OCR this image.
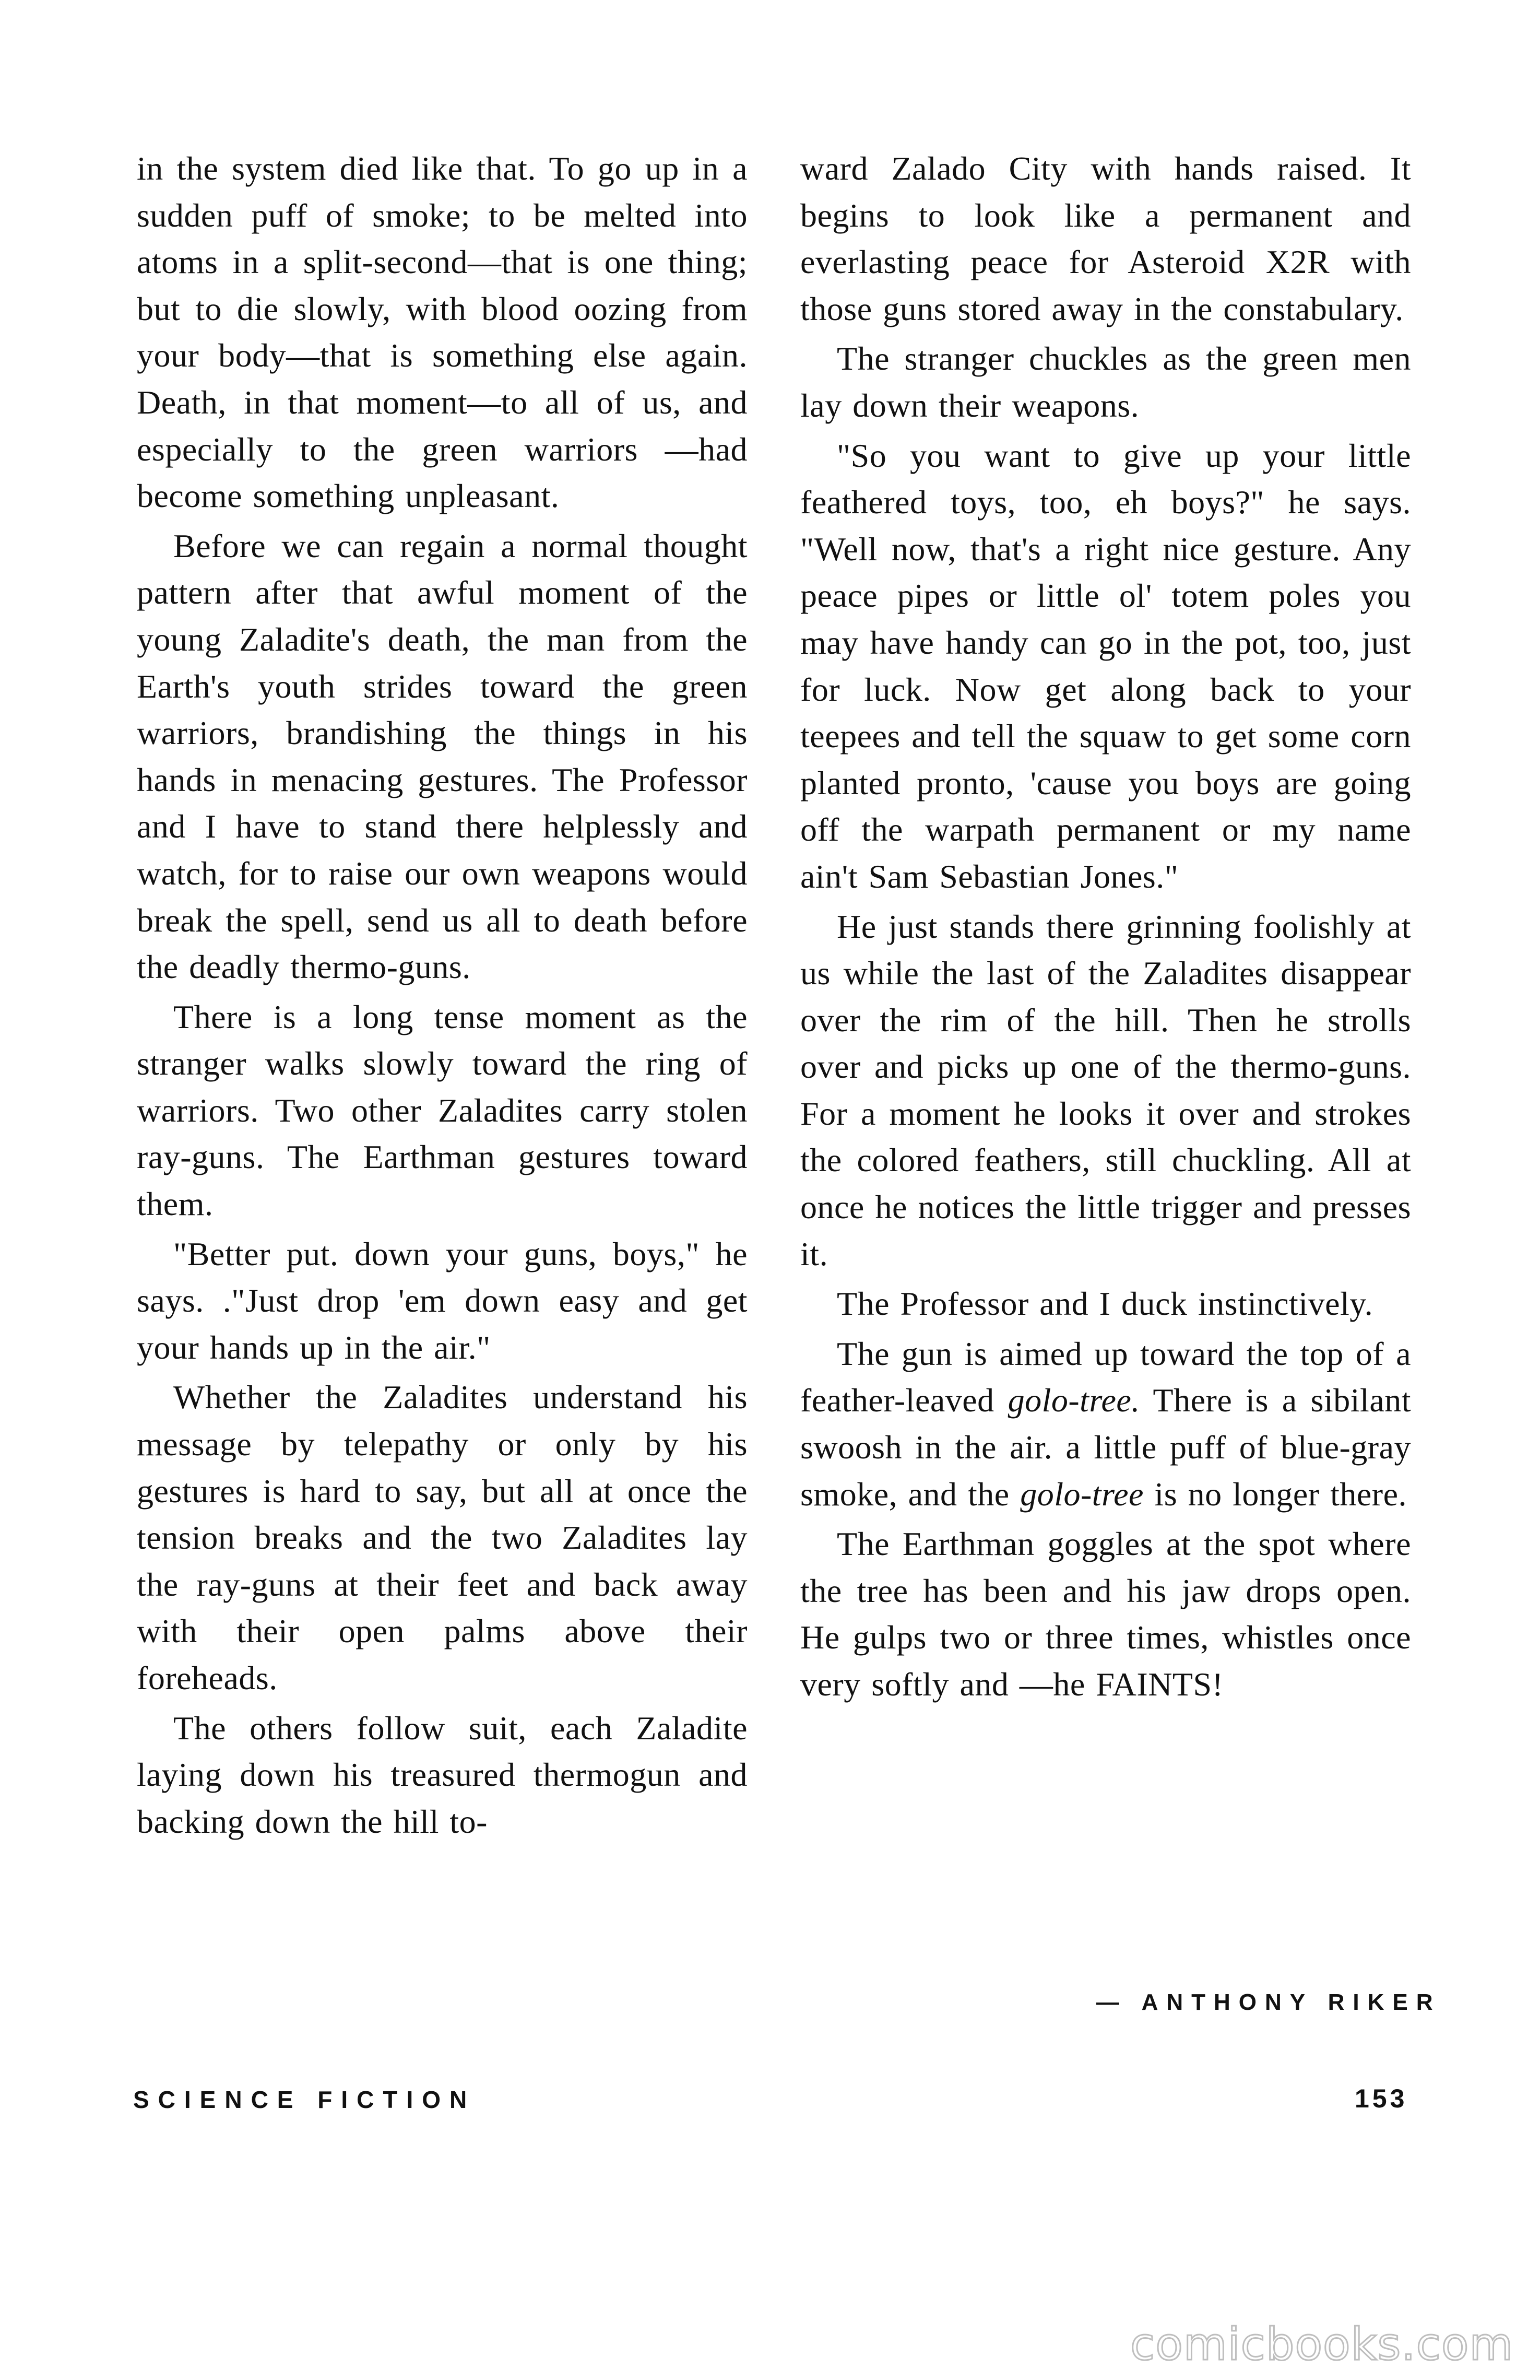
in the system died like that. To go up in a sudden puff of smoke; to be melted into atoms in a split-second—that is one thing; but to die slowly, with blood oozing from your body—that is something else again. Death, in that moment—to all of us, and especially to the green warriors —had become something unpleasant.

Before we can regain a normal thought pattern after that awful moment of the young Zaladite's death, the man from the Earth's youth strides toward the green warriors, brandishing the things in his hands in menacing gestures. The Professor and I have to stand there helplessly and watch, for to raise our own weapons would break the spell, send us all to death before the deadly thermo-guns.

There is a long tense moment as the stranger walks slowly toward the ring of warriors. Two other Zaladites carry stolen ray-guns. The Earthman gestures toward them.

"Better put. down your guns, boys," he says. ."Just drop 'em down easy and get your hands up in the air."

Whether the Zaladites understand his message by telepathy or only by his gestures is hard to say, but all at once the tension breaks and the two Zaladites lay the ray-guns at their feet and back away with their open palms above their foreheads.

The others follow suit, each Zaladite laying down his treasured thermogun and backing down the hill to-

ward Zalado City with hands raised. It begins to look like a permanent and everlasting peace for Asteroid X2R with those guns stored away in the constabulary.

The stranger chuckles as the green men lay down their weapons.

"So you want to give up your little feathered toys, too, eh boys?" he says. "Well now, that's a right nice gesture. Any peace pipes or little ol' totem poles you may have handy can go in the pot, too, just for luck. Now get along back to your teepees and tell the squaw to get some corn planted pronto, 'cause you boys are going off the warpath permanent or my name ain't Sam Sebastian Jones."

He just stands there grinning foolishly at us while the last of the Zaladites disappear over the rim of the hill. Then he strolls over and picks up one of the thermo-guns. For a moment he looks it over and strokes the colored feathers, still chuckling. All at once he notices the little trigger and presses it.

The Professor and I duck instinctively.

The gun is aimed up toward the top of a feather-leaved golo-tree. There is a sibilant swoosh in the air. a little puff of blue-gray smoke, and the golo-tree is no longer there.

The Earthman goggles at the spot where the tree has been and his jaw drops open. He gulps two or three times, whistles once very softly and —he FAINTS!

— ANTHONY RIKER
SCIENCE FICTION	153
comicbooks.com
